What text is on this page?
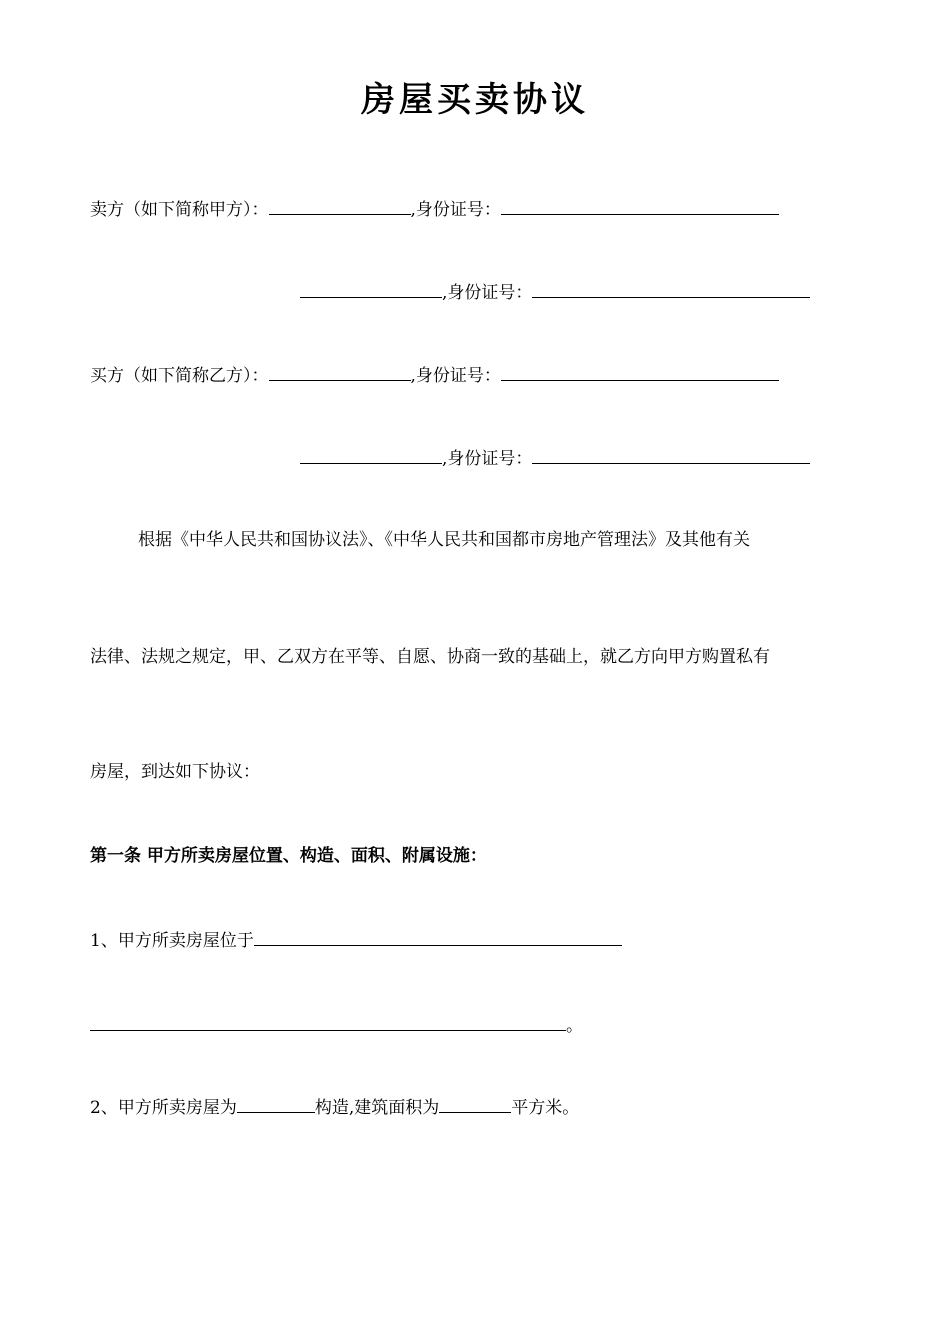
房屋买卖协议
卖方（如下简称甲方）：	,身份证号：
,身份证号：
买方（如下简称乙方）：	,身份证号：
,身份证号：
根据《中华人民共和国协议法》、《中华人民共和国都市房地产管理法》及其他有关
法律、法规之规定，甲、乙双方在平等、自愿、协商一致的基础上，就乙方向甲方购置私有
房屋，到达如下协议：
第一条 甲方所卖房屋位置、构造、面积、附属设施：
1、甲方所卖房屋位于
。
2、甲方所卖房屋为	构造,建筑面积为	平方米。
